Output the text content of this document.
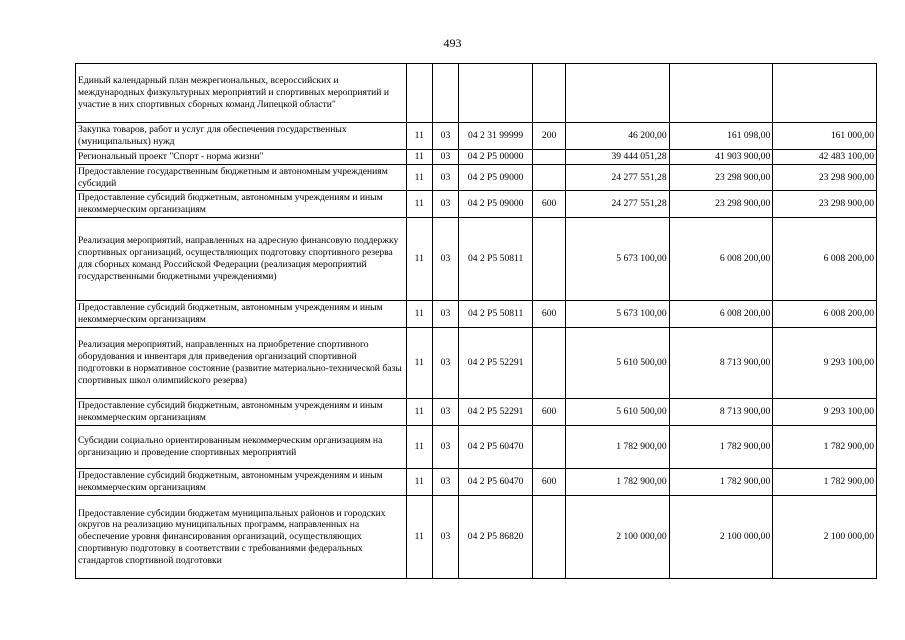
493
Единый календарный план межрегиональных, всероссийских и международных физкультурных мероприятий и спортивных мероприятий и участие в них спортивных сборных команд Липецкой области"							
Закупка товаров, работ и услуг для обеспечения государственных (муниципальных) нужд	11	03	04 2 31 99999	200	46 200,00	161 098,00	161 000,00
Региональный проект "Спорт - норма жизни"	11	03	04 2 P5 00000		39 444 051,28	41 903 900,00	42 483 100,00
Предоставление государственным бюджетным и автономным учреждениям субсидий	11	03	04 2 P5 09000		24 277 551,28	23 298 900,00	23 298 900,00
Предоставление субсидий бюджетным, автономным учреждениям и иным некоммерческим организациям	11	03	04 2 P5 09000	600	24 277 551,28	23 298 900,00	23 298 900,00
Реализация мероприятий, направленных на адресную финансовую поддержку спортивных организаций, осуществляющих подготовку спортивного резерва для сборных команд Российской Федерации (реализация мероприятий государственными бюджетными учреждениями)	11	03	04 2 P5 50811		5 673 100,00	6 008 200,00	6 008 200,00
Предоставление субсидий бюджетным, автономным учреждениям и иным некоммерческим организациям	11	03	04 2 P5 50811	600	5 673 100,00	6 008 200,00	6 008 200,00
Реализация мероприятий, направленных на приобретение спортивного оборудования и инвентаря для приведения организаций спортивной подготовки в нормативное состояние (развитие материально-технической базы спортивных школ олимпийского резерва)	11	03	04 2 P5 52291		5 610 500,00	8 713 900,00	9 293 100,00
Предоставление субсидий бюджетным, автономным учреждениям и иным некоммерческим организациям	11	03	04 2 P5 52291	600	5 610 500,00	8 713 900,00	9 293 100,00
Субсидии социально ориентированным некоммерческим организациям на организацию и проведение спортивных мероприятий	11	03	04 2 P5 60470		1 782 900,00	1 782 900,00	1 782 900,00
Предоставление субсидий бюджетным, автономным учреждениям и иным некоммерческим организациям	11	03	04 2 P5 60470	600	1 782 900,00	1 782 900,00	1 782 900,00
Предоставление субсидии бюджетам муниципальных районов и городских округов на реализацию муниципальных программ, направленных на обеспечение уровня финансирования организаций, осуществляющих спортивную подготовку в соответствии с требованиями федеральных стандартов спортивной подготовки	11	03	04 2 P5 86820		2 100 000,00	2 100 000,00	2 100 000,00
